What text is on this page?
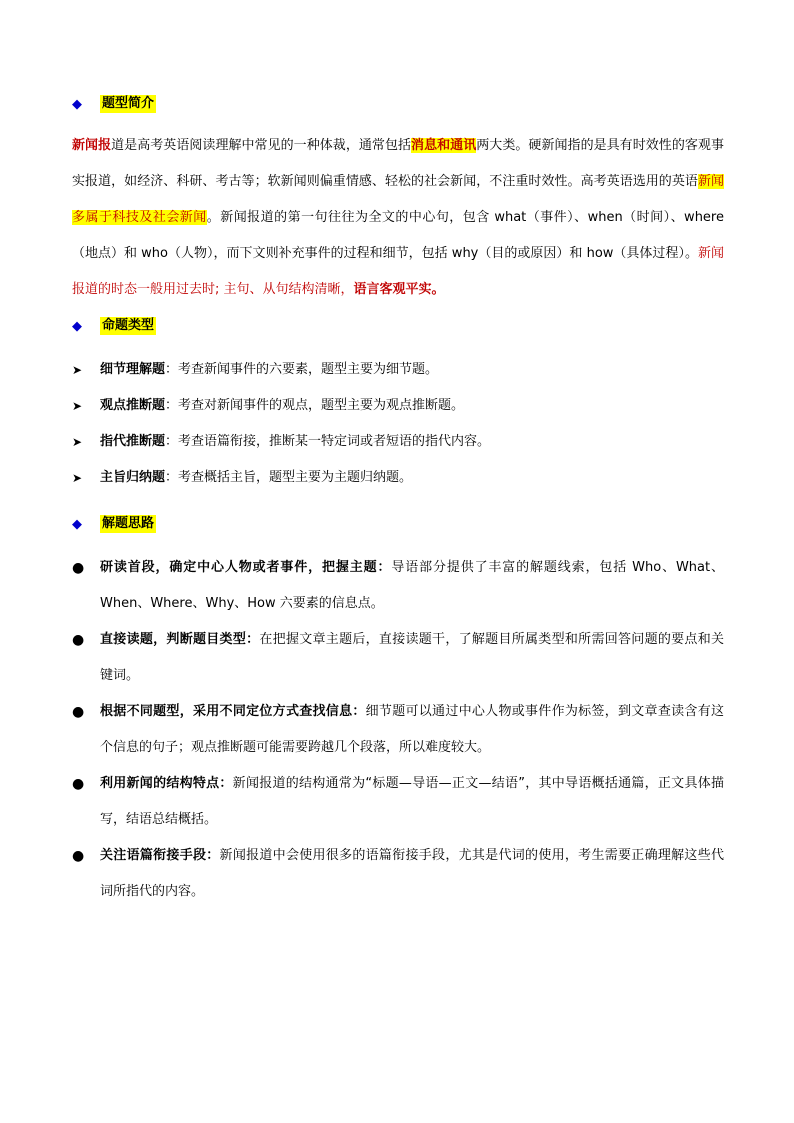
◆	题型简介

新闻报道是高考英语阅读理解中常见的一种体裁，通常包括消息和通讯两大类。硬新闻指的是具有时效性的客观事实报道，如经济、科研、考古等；软新闻则偏重情感、轻松的社会新闻，不注重时效性。高考英语选用的英语新闻多属于科技及社会新闻。新闻报道的第一句往往为全文的中心句，包含 what（事件）、when（时间）、where（地点）和 who（人物），而下文则补充事件的过程和细节，包括 why（目的或原因）和 how（具体过程）。新闻报道的时态一般用过去时; 主句、从句结构清晰，语言客观平实。

◆	命题类型
➤	细节理解题 ：考查新闻事件的六要素，题型主要为细节题。
➤	观点推断题 ：考查对新闻事件的观点，题型主要为观点推断题。
➤	指代推断题 ：考查语篇衔接，推断某一特定词或者短语的指代内容。
➤	主旨归纳题 ：考查概括主旨，题型主要为主题归纳题。
◆	解题思路
●	研读首段，确定中心人物或者事件，把握主题：导语部分提供了丰富的解题线索，包括 Who、What、When、Where、Why、How 六要素的信息点。
●	直接读题，判断题目类型：在把握文章主题后，直接读题干，了解题目所属类型和所需回答问题的要点和关键词。
●	根据不同题型，采用不同定位方式查找信息：细节题可以通过中心人物或事件作为标签，到文章查读含有这个信息的句子；观点推断题可能需要跨越几个段落，所以难度较大。
●	利用新闻的结构特点：新闻报道的结构通常为“标题—导语—正文—结语”，其中导语概括通篇，正文具体描写，结语总结概括。
●	关注语篇衔接手段：新闻报道中会使用很多的语篇衔接手段，尤其是代词的使用，考生需要正确理解这些代词所指代的内容。
